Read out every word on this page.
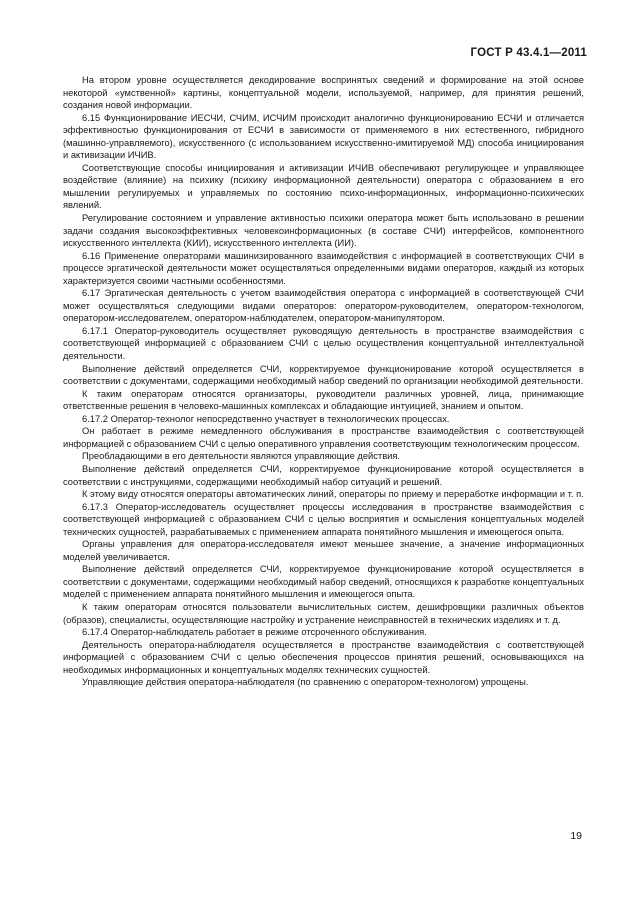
ГОСТ Р 43.4.1—2011

На втором уровне осуществляется декодирование воспринятых сведений и формирование на этой основе некоторой «умственной» картины, концептуальной модели, используемой, например, для принятия решений, создания новой информации.

6.15 Функционирование ИЕСЧИ, СЧИМ, ИСЧИМ происходит аналогично функционированию ЕСЧИ и отличается эффективностью функционирования от ЕСЧИ в зависимости от применяемого в них естественного, гибридного (машинно-управляемого), искусственного (с использованием искусственно-имитируемой МД) способа инициирования и активизации ИЧИВ.

Соответствующие способы инициирования и активизации ИЧИВ обеспечивают регулирующее и управляющее воздействие (влияние) на психику (психику информационной деятельности) оператора с образованием в его мышлении регулируемых и управляемых по состоянию психо-информационных, информационно-психических явлений.

Регулирование состоянием и управление активностью психики оператора может быть использовано в решении задачи создания высокоэффективных человекоинформационных (в составе СЧИ) интерфейсов, компонентного искусственного интеллекта (КИИ), искусственного интеллекта (ИИ).

6.16 Применение операторами машинизированного взаимодействия с информацией в соответствующих СЧИ в процессе эргатической деятельности может осуществляться определенными видами операторов, каждый из которых характеризуется своими частными особенностями.

6.17 Эргатическая деятельность с учетом взаимодействия оператора с информацией в соответствующей СЧИ может осуществляться следующими видами операторов: оператором-руководителем, оператором-технологом, оператором-исследователем, оператором-наблюдателем, оператором-манипулятором.

6.17.1 Оператор-руководитель осуществляет руководящую деятельность в пространстве взаимодействия с соответствующей информацией с образованием СЧИ с целью осуществления концептуальной интеллектуальной деятельности.

Выполнение действий определяется СЧИ, корректируемое функционирование которой осуществляется в соответствии с документами, содержащими необходимый набор сведений по организации необходимой деятельности.

К таким операторам относятся организаторы, руководители различных уровней, лица, принимающие ответственные решения в человеко-машинных комплексах и обладающие интуицией, знанием и опытом.

6.17.2 Оператор-технолог непосредственно участвует в технологических процессах.

Он работает в режиме немедленного обслуживания в пространстве взаимодействия с соответствующей информацией с образованием СЧИ с целью оперативного управления соответствующим технологическим процессом.

Преобладающими в его деятельности являются управляющие действия.

Выполнение действий определяется СЧИ, корректируемое функционирование которой осуществляется в соответствии с инструкциями, содержащими необходимый набор ситуаций и решений.

К этому виду относятся операторы автоматических линий, операторы по приему и переработке информации и т. п.

6.17.3 Оператор-исследователь осуществляет процессы исследования в пространстве взаимодействия с соответствующей информацией с образованием СЧИ с целью восприятия и осмысления концептуальных моделей технических сущностей, разрабатываемых с применением аппарата понятийного мышления и имеющегося опыта.

Органы управления для оператора-исследователя имеют меньшее значение, а значение информационных моделей увеличивается.

Выполнение действий определяется СЧИ, корректируемое функционирование которой осуществляется в соответствии с документами, содержащими необходимый набор сведений, относящихся к разработке концептуальных моделей с применением аппарата понятийного мышления и имеющегося опыта.

К таким операторам относятся пользователи вычислительных систем, дешифровщики различных объектов (образов), специалисты, осуществляющие настройку и устранение неисправностей в технических изделиях и т. д.

6.17.4 Оператор-наблюдатель работает в режиме отсроченного обслуживания.

Деятельность оператора-наблюдателя осуществляется в пространстве взаимодействия с соответствующей информацией с образованием СЧИ с целью обеспечения процессов принятия решений, основывающихся на необходимых информационных и концептуальных моделях технических сущностей.

Управляющие действия оператора-наблюдателя (по сравнению с оператором-технологом) упрощены.

19
